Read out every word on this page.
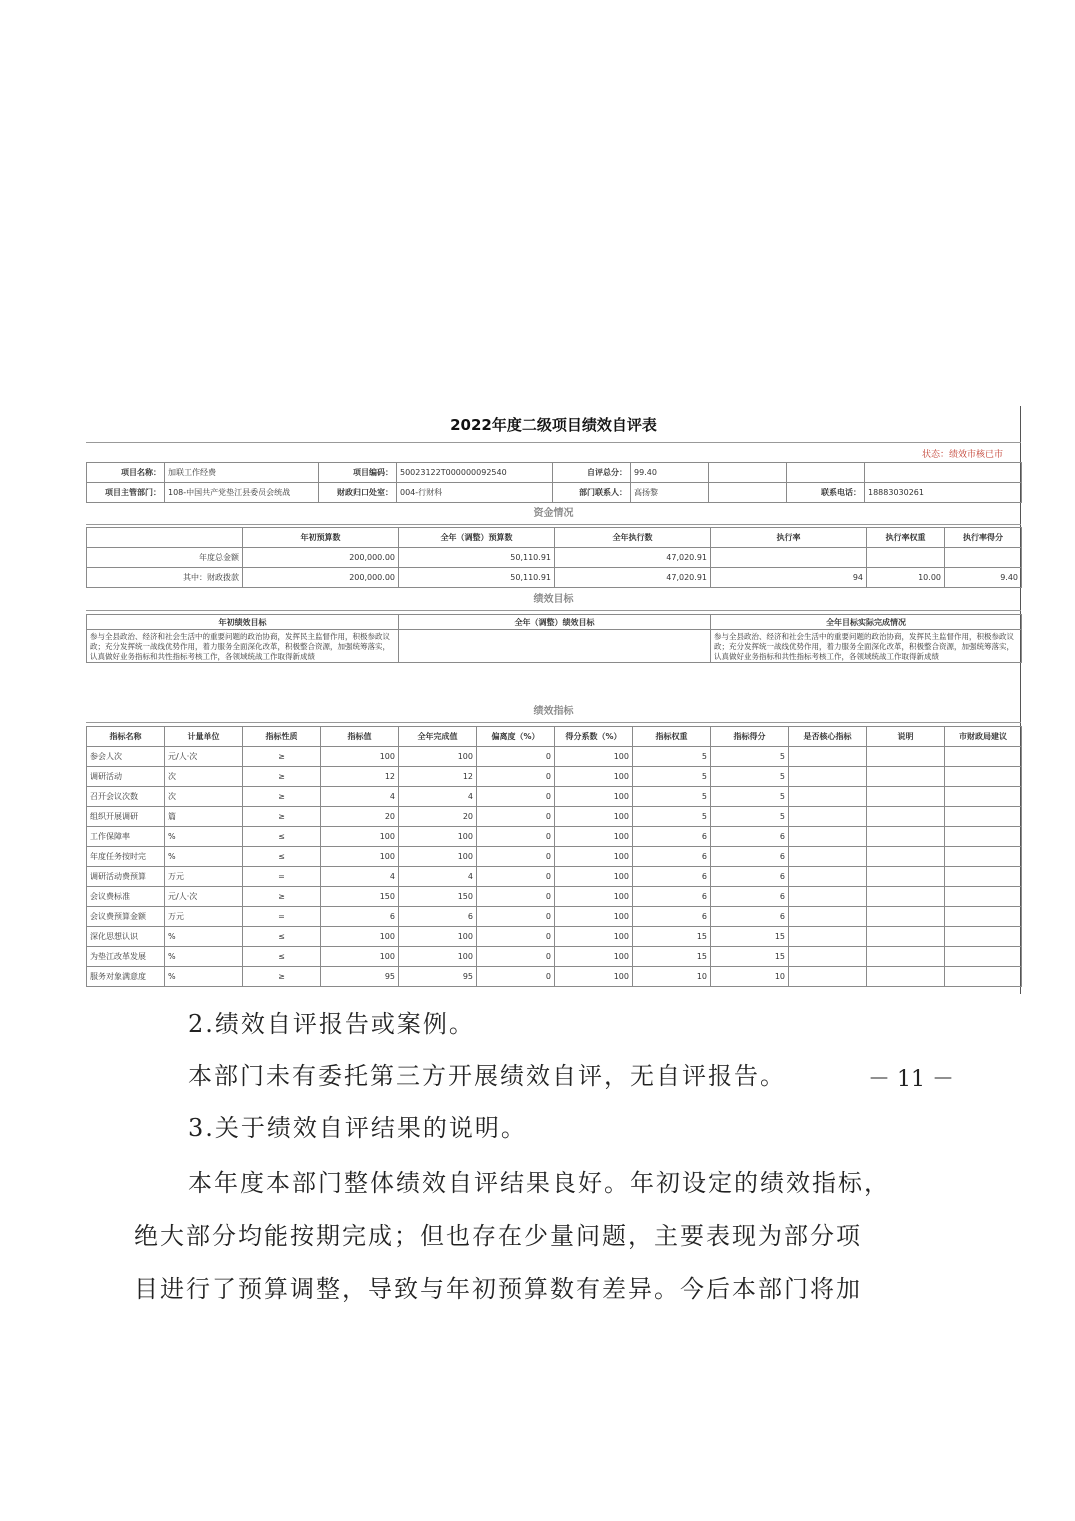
2022年度二级项目绩效自评表
状态：绩效市核已市
项目名称：	加联工作经费	项目编码：	50023122T000000092540	自评总分：	99.40			
项目主管部门：	108-中国共产党垫江县委员会统战	财政归口处室：	004-行财科	部门联系人：	高扬黎		联系电话：	18883030261
资金情况
	年初预算数	全年（调整）预算数	全年执行数	执行率	执行率权重	执行率得分
年度总金额	200,000.00	50,110.91	47,020.91			
其中：财政拨款	200,000.00	50,110.91	47,020.91	94	10.00	9.40
绩效目标
年初绩效目标	全年（调整）绩效目标	全年目标实际完成情况
参与全县政治、经济和社会生活中的重要问题的政治协商，发挥民主监督作用，积极参政议政；充分发挥统一战线优势作用，着力服务全面深化改革，积极整合资源，加强统筹落实，认真做好业务指标和共性指标考核工作，各领域统战工作取得新成绩		参与全县政治、经济和社会生活中的重要问题的政治协商，发挥民主监督作用，积极参政议政；充分发挥统一战线优势作用，着力服务全面深化改革，积极整合资源，加强统筹落实，认真做好业务指标和共性指标考核工作，各领域统战工作取得新成绩
绩效指标
指标名称	计量单位	指标性质	指标值	全年完成值	偏离度（%）	得分系数（%）	指标权重	指标得分	是否核心指标	说明	市财政局建议
参会人次	元/人·次	≥	100	100	0	100	5	5			
调研活动	次	≥	12	12	0	100	5	5			
召开会议次数	次	≥	4	4	0	100	5	5			
组织开展调研	篇	≥	20	20	0	100	5	5			
工作保障率	%	≤	100	100	0	100	6	6			
年度任务按时完	%	≤	100	100	0	100	6	6			
调研活动费预算	万元	=	4	4	0	100	6	6			
会议费标准	元/人·次	≥	150	150	0	100	6	6			
会议费预算金额	万元	=	6	6	0	100	6	6			
深化思想认识	%	≤	100	100	0	100	15	15			
为垫江改革发展	%	≤	100	100	0	100	15	15			
服务对象满意度	%	≥	95	95	0	100	10	10			
2.绩效自评报告或案例。
本部门未有委托第三方开展绩效自评，无自评报告。
3.关于绩效自评结果的说明。
本年度本部门整体绩效自评结果良好。年初设定的绩效指标，
绝大部分均能按期完成；但也存在少量问题，主要表现为部分项
目进行了预算调整，导致与年初预算数有差异。今后本部门将加
－ 11 －
